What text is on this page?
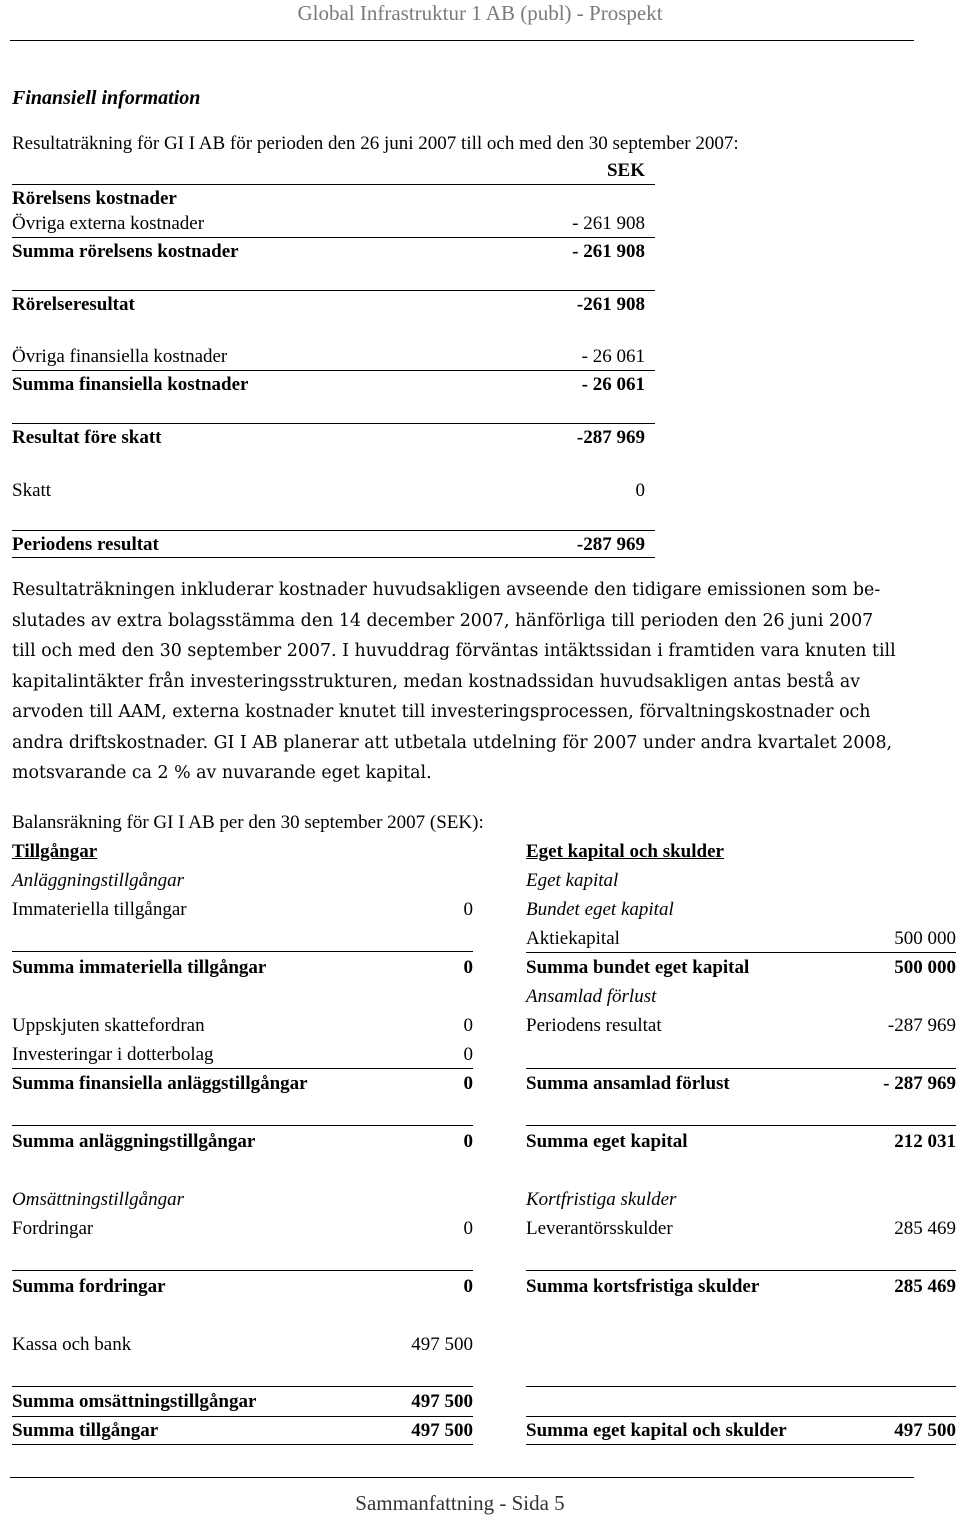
Global Infrastruktur 1 AB (publ) - Prospekt
Finansiell information
Resultaträkning för GI I AB för perioden den 26 juni 2007 till och med den 30 september 2007:
SEK
Rörelsens kostnader
Övriga externa kostnader	- 261 908
Summa rörelsens kostnader	- 261 908
Rörelseresultat	-261 908
Övriga finansiella kostnader	- 26 061
Summa finansiella kostnader	- 26 061
Resultat före skatt	-287 969
Skatt	0
Periodens resultat	-287 969
Resultaträkningen inkluderar kostnader huvudsakligen avseende den tidigare emissionen som be-
slutades av extra bolagsstämma den 14 december 2007, hänförliga till perioden den 26 juni 2007
till och med den 30 september 2007. I huvuddrag förväntas intäktssidan i framtiden vara knuten till
kapitalintäkter från investeringsstrukturen, medan kostnadssidan huvudsakligen antas bestå av
arvoden till AAM, externa kostnader knutet till investeringsprocessen, förvaltningskostnader och
andra driftskostnader. GI I AB planerar att utbetala utdelning för 2007 under andra kvartalet 2008,
motsvarande ca 2 % av nuvarande eget kapital.
Balansräkning för GI I AB per den 30 september 2007 (SEK):
Tillgångar
Anläggningstillgångar
Immateriella tillgångar	0
Summa immateriella tillgångar	0
Uppskjuten skattefordran	0
Investeringar i dotterbolag	0
Summa finansiella anläggstillgångar	0
Summa anläggningstillgångar	0
Omsättningstillgångar
Fordringar	0
Summa fordringar	0
Kassa och bank	497 500
Summa omsättningstillgångar	497 500
Summa tillgångar	497 500
Eget kapital och skulder
Eget kapital
Bundet eget kapital
Aktiekapital	500 000
Summa bundet eget kapital	500 000
Ansamlad förlust
Periodens resultat	-287 969
Summa ansamlad förlust	- 287 969
Summa eget kapital	212 031
Kortfristiga skulder
Leverantörsskulder	285 469
Summa kortsfristiga skulder	285 469
Summa eget kapital och skulder	497 500
Sammanfattning - Sida 5
